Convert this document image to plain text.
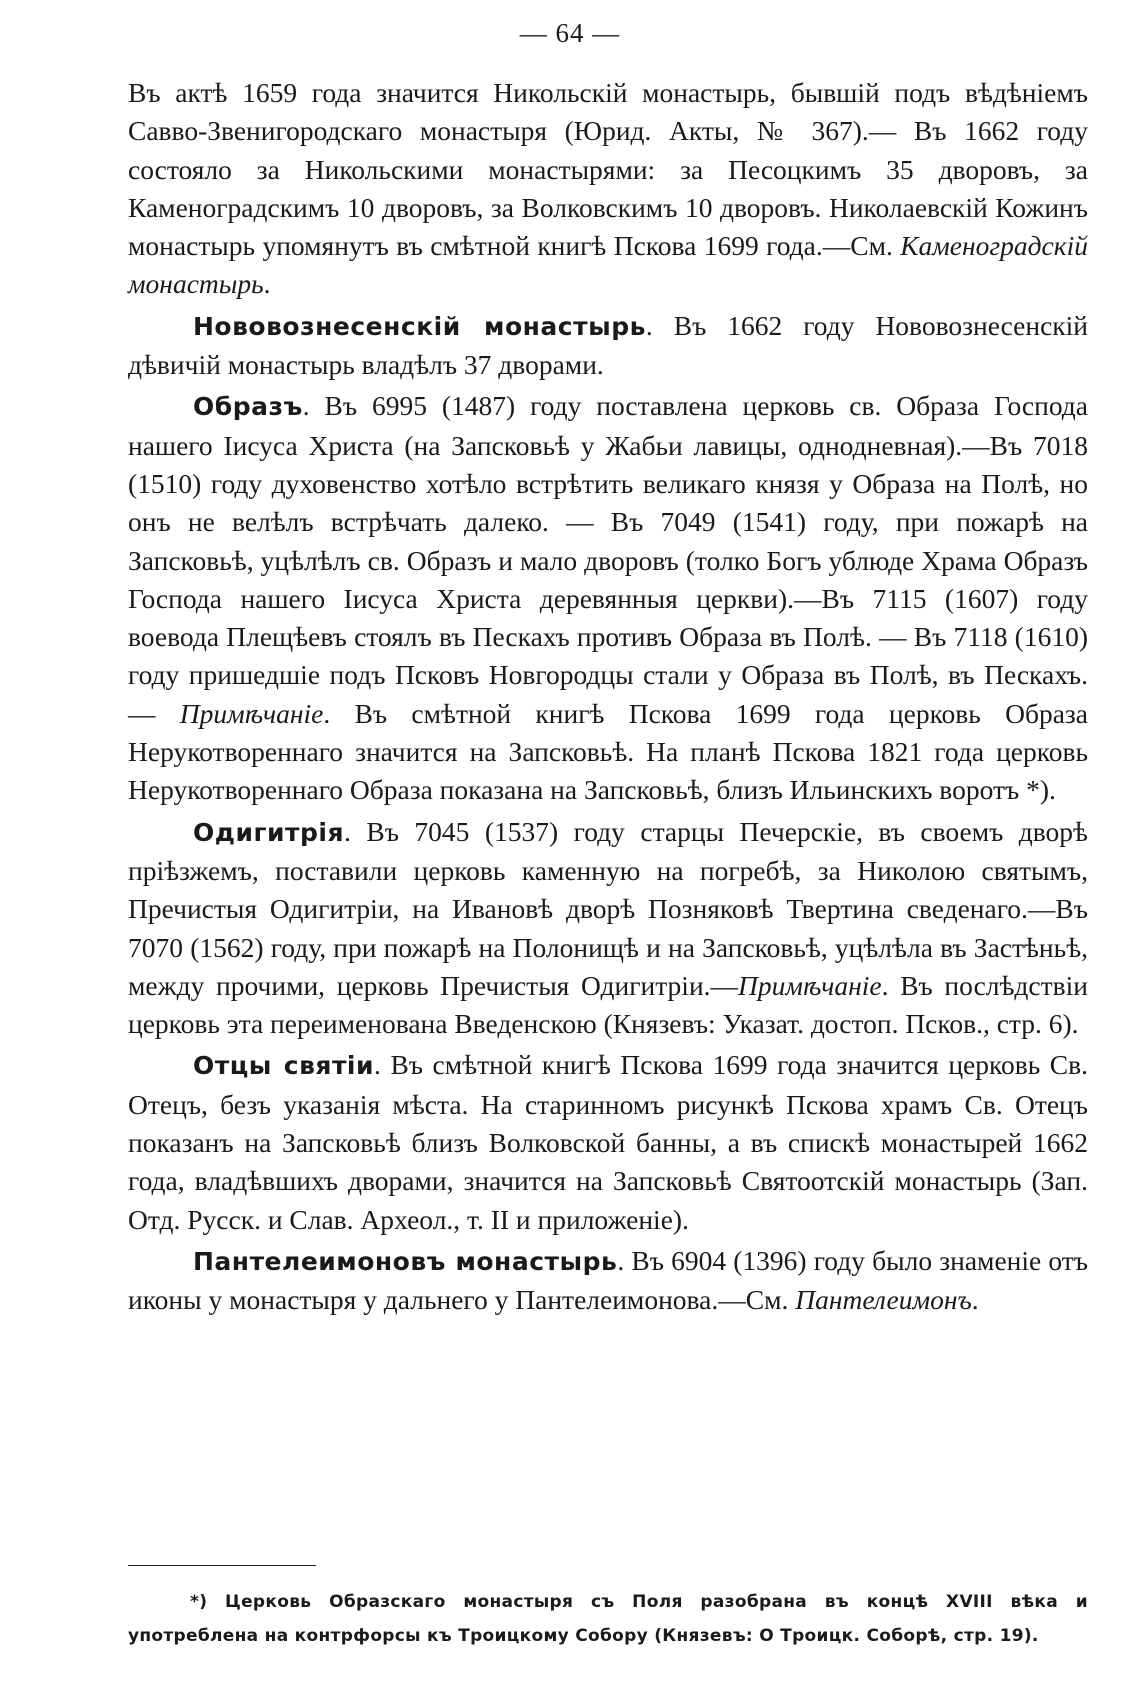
— 64 —

Въ актѣ 1659 года значится Никольскій монастырь, бывшій подъ вѣдѣніемъ Савво-Звенигородскаго монастыря (Юрид. Акты, № 367).— Въ 1662 году состояло за Никольскими монастырями: за Песоцкимъ 35 дворовъ, за Каменоградскимъ 10 дворовъ, за Волковскимъ 10 дворовъ. Николаевскій Кожинъ монастырь упомянутъ въ смѣтной книгѣ Пскова 1699 года.—См. Каменоградскій монастырь.

Нововознесенскій монастырь. Въ 1662 году Нововознесенскій дѣвичій монастырь владѣлъ 37 дворами.

Образъ. Въ 6995 (1487) году поставлена церковь св. Образа Господа нашего Іисуса Христа (на Запсковьѣ у Жабьи лавицы, однодневная).—Въ 7018 (1510) году духовенство хотѣло встрѣтить великаго князя у Образа на Полѣ, но онъ не велѣлъ встрѣчать далеко. — Въ 7049 (1541) году, при пожарѣ на Запсковьѣ, уцѣлѣлъ св. Образъ и мало дворовъ (толко Богъ ублюде Храма Образъ Господа нашего Іисуса Христа деревянныя церкви).—Въ 7115 (1607) году воевода Плещѣевъ стоялъ въ Пескахъ противъ Образа въ Полѣ. — Въ 7118 (1610) году пришедшіе подъ Псковъ Новгородцы стали у Образа въ Полѣ, въ Пескахъ. — Примѣчаніе. Въ смѣтной книгѣ Пскова 1699 года церковь Образа Нерукотвореннаго значится на Запсковьѣ. На планѣ Пскова 1821 года церковь Нерукотвореннаго Образа показана на Запсковьѣ, близъ Ильинскихъ воротъ *).

Одигитрія. Въ 7045 (1537) году старцы Печерскіе, въ своемъ дворѣ пріѣзжемъ, поставили церковь каменную на погребѣ, за Николою святымъ, Пречистыя Одигитріи, на Ивановѣ дворѣ Позняковѣ Твертина сведенаго.—Въ 7070 (1562) году, при пожарѣ на Полонищѣ и на Запсковьѣ, уцѣлѣла въ Застѣньѣ, между прочими, церковь Пречистыя Одигитріи.—Примѣчаніе. Въ послѣдствіи церковь эта переименована Введенскою (Князевъ: Указат. достоп. Псков., стр. 6).

Отцы святіи. Въ смѣтной книгѣ Пскова 1699 года значится церковь Св. Отецъ, безъ указанія мѣста. На старинномъ рисункѣ Пскова храмъ Св. Отецъ показанъ на Запсковьѣ близъ Волковской банны, а въ спискѣ монастырей 1662 года, владѣвшихъ дворами, значится на Запсковьѣ Святоотскій монастырь (Зап. Отд. Русск. и Слав. Археол., т. II и приложеніе).

Пантелеимоновъ монастырь. Въ 6904 (1396) году было знаменіе отъ иконы у монастыря у дальнего у Пантелеимонова.—См. Пантелеимонъ.

*) Церковь Образскаго монастыря съ Поля разобрана въ концѣ XVIII вѣка и употреблена на контрфорсы къ Троицкому Собору (Князевъ: О Троицк. Соборѣ, стр. 19).
